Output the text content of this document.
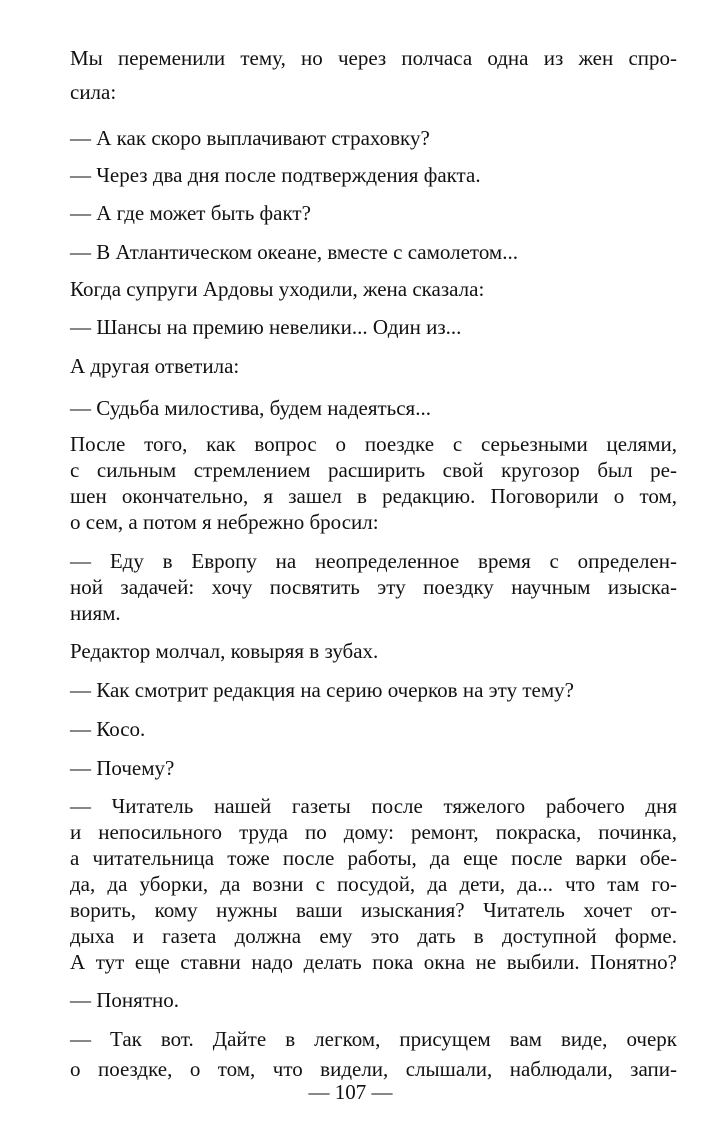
Мы переменили тему, но через полчаса одна из жен спро-
сила:
— А как скоро выплачивают страховку?
— Через два дня после подтверждения факта.
— А где может быть факт?
— В Атлантическом океане, вместе с самолетом...
Когда супруги Ардовы уходили, жена сказала:
— Шансы на премию невелики... Один из...
А другая ответила:
— Судьба милостива, будем надеяться...
После того, как вопрос о поездке с серьезными целями,
с сильным стремлением расширить свой кругозор был ре-
шен окончательно, я зашел в редакцию. Поговорили о том,
о сем, а потом я небрежно бросил:
— Еду в Европу на неопределенное время с определен-
ной задачей: хочу посвятить эту поездку научным изыска-
ниям.
Редактор молчал, ковыряя в зубах.
— Как смотрит редакция на серию очерков на эту тему?
— Косо.
— Почему?
— Читатель нашей газеты после тяжелого рабочего дня
и непосильного труда по дому: ремонт, покраска, починка,
а читательница тоже после работы, да еще после варки обе-
да, да уборки, да возни с посудой, да дети, да... что там го-
ворить, кому нужны ваши изыскания? Читатель хочет от-
дыха и газета должна ему это дать в доступной форме.
А тут еще ставни надо делать пока окна не выбили. Понятно?
— Понятно.
— Так вот. Дайте в легком, присущем вам виде, очерк
о поездке, о том, что видели, слышали, наблюдали, запи-
— 107 —
